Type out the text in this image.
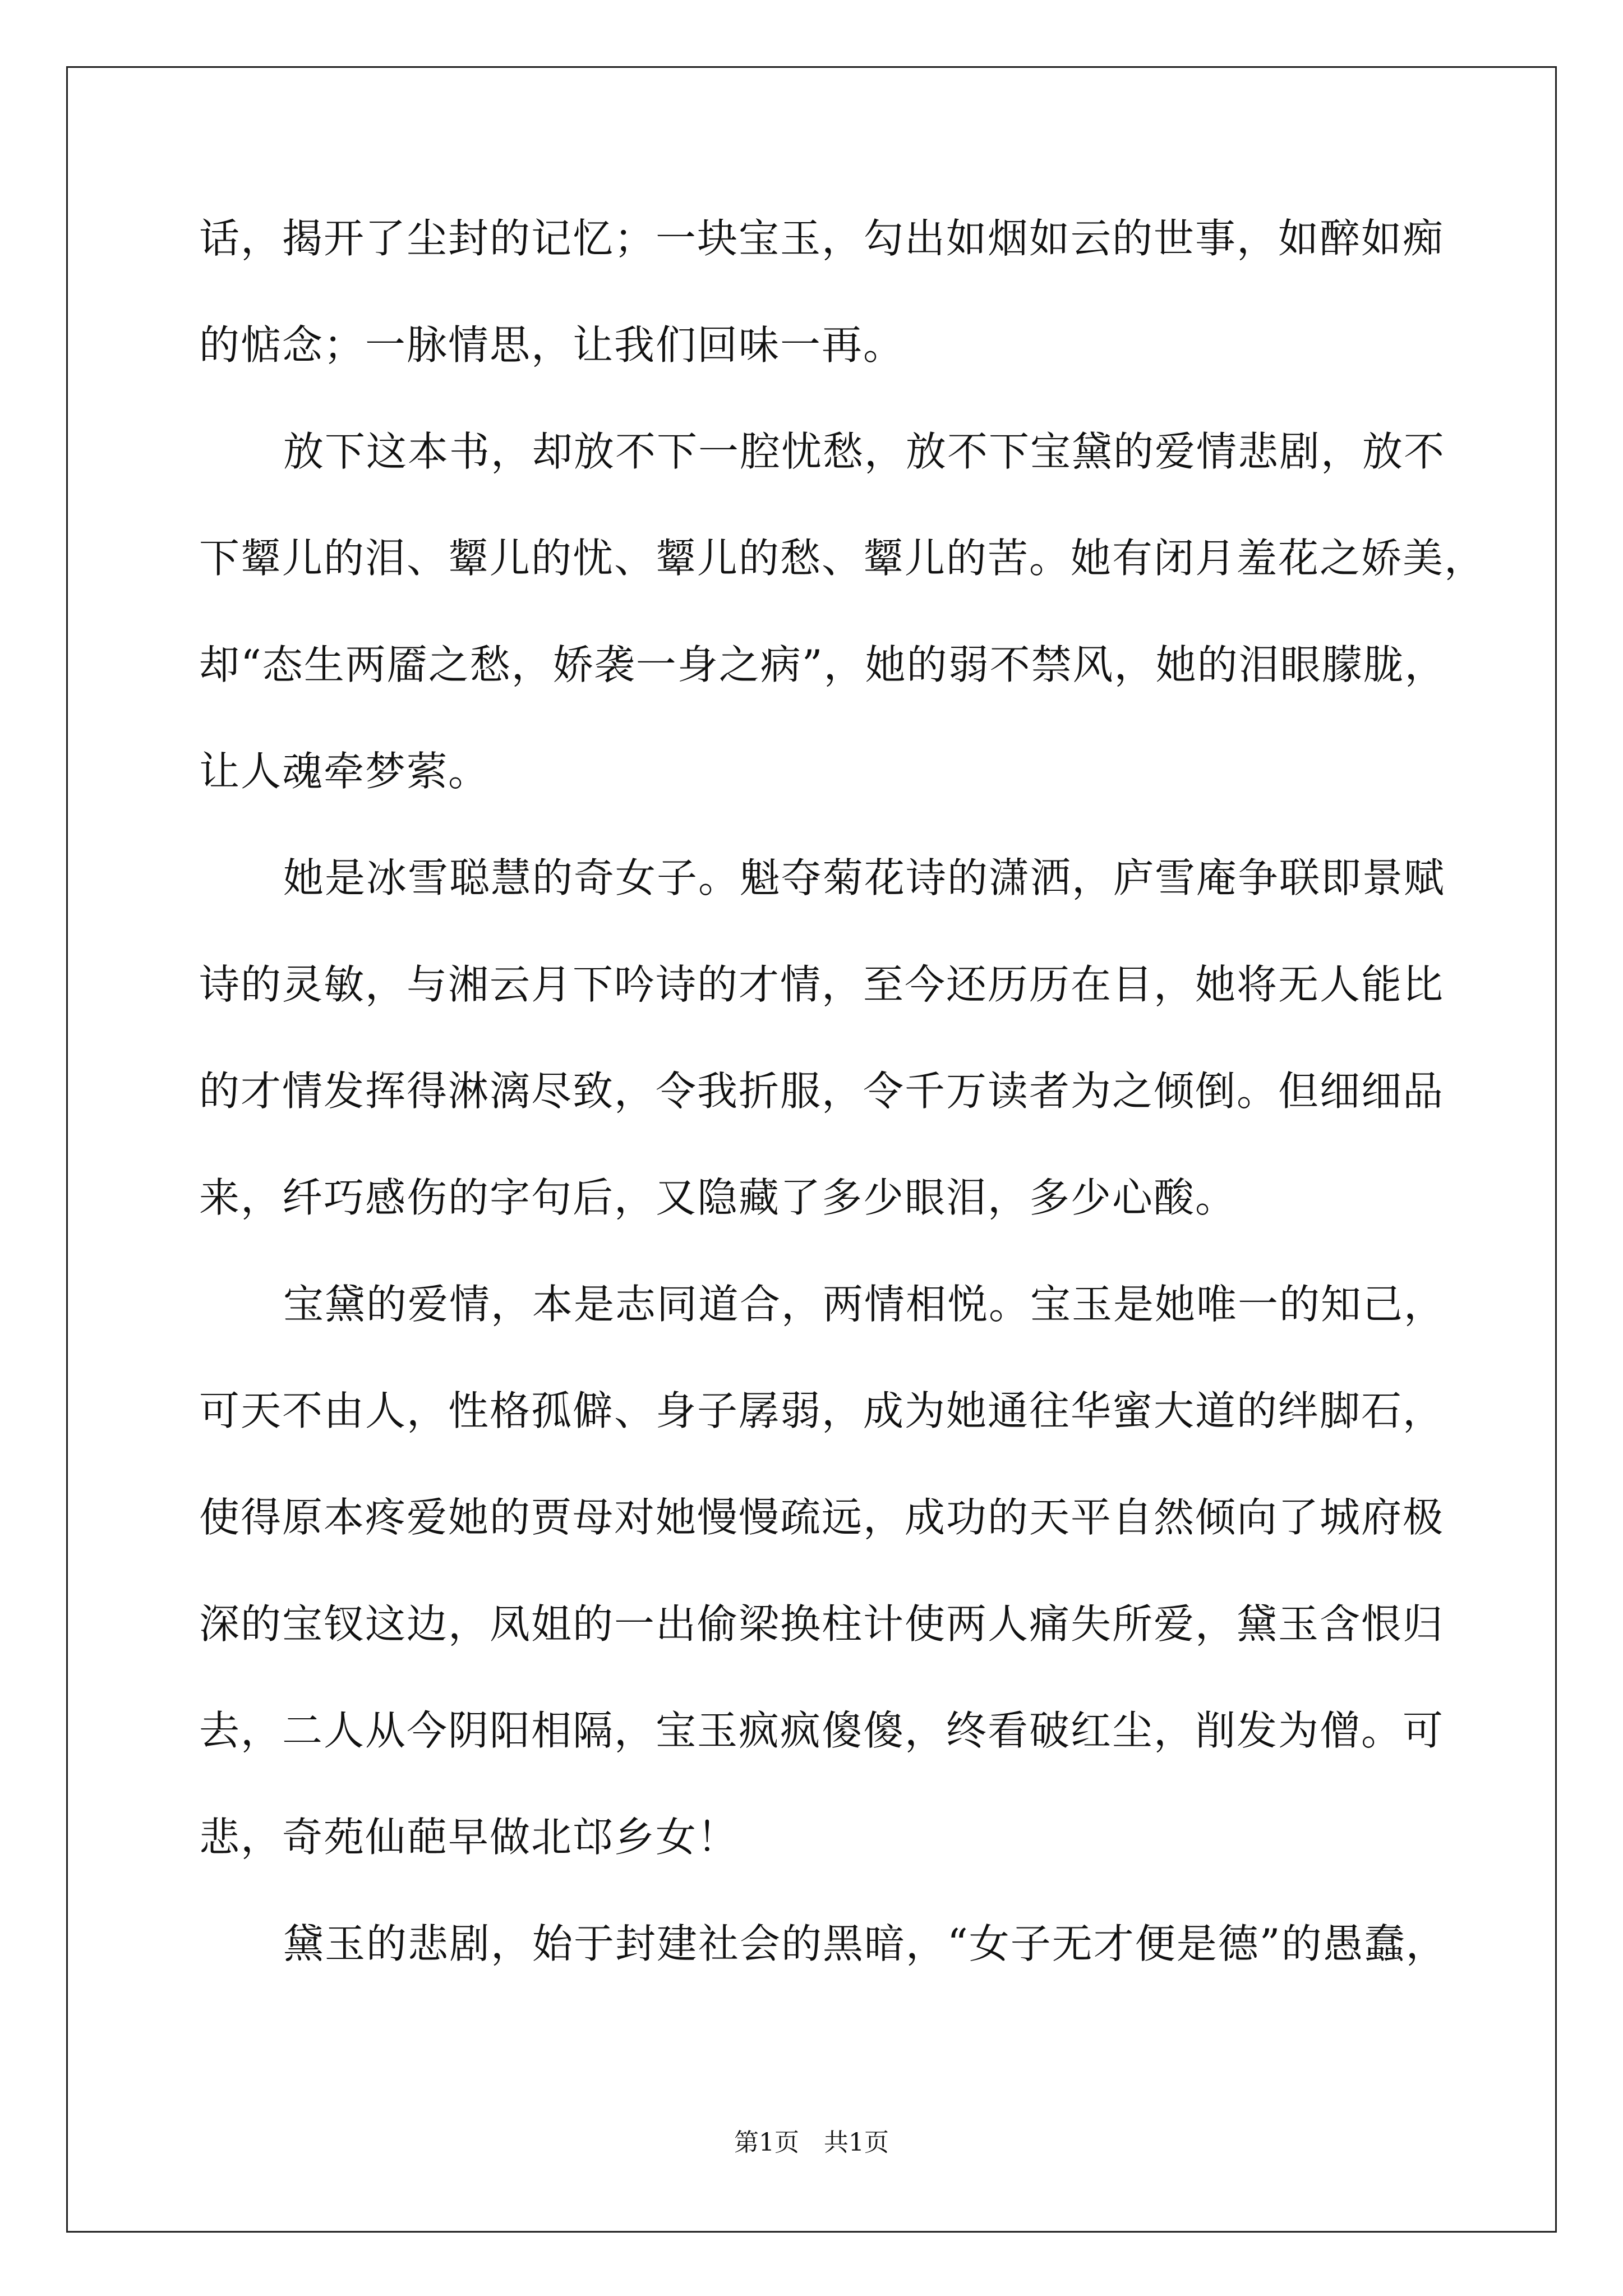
话，揭开了尘封的记忆；一块宝玉，勾出如烟如云的世事，如醉如痴
的惦念；一脉情思，让我们回味一再。
放下这本书，却放不下一腔忧愁，放不下宝黛的爱情悲剧，放不
下颦儿的泪、颦儿的忧、颦儿的愁、颦儿的苦。她有闭月羞花之娇美，
却“态生两靥之愁，娇袭一身之病”，她的弱不禁风，她的泪眼朦胧，
让人魂牵梦萦。
她是冰雪聪慧的奇女子。魁夺菊花诗的潇洒，庐雪庵争联即景赋
诗的灵敏，与湘云月下吟诗的才情，至今还历历在目，她将无人能比
的才情发挥得淋漓尽致，令我折服，令千万读者为之倾倒。但细细品
来，纤巧感伤的字句后，又隐藏了多少眼泪，多少心酸。
宝黛的爱情，本是志同道合，两情相悦。宝玉是她唯一的知己，
可天不由人，性格孤僻、身子孱弱，成为她通往华蜜大道的绊脚石，
使得原本疼爱她的贾母对她慢慢疏远，成功的天平自然倾向了城府极
深的宝钗这边，凤姐的一出偷梁换柱计使两人痛失所爱，黛玉含恨归
去，二人从今阴阳相隔，宝玉疯疯傻傻，终看破红尘，削发为僧。可
悲，奇苑仙葩早做北邙乡女！
黛玉的悲剧，始于封建社会的黑暗，“女子无才便是德”的愚蠢，
第1页　共1页
